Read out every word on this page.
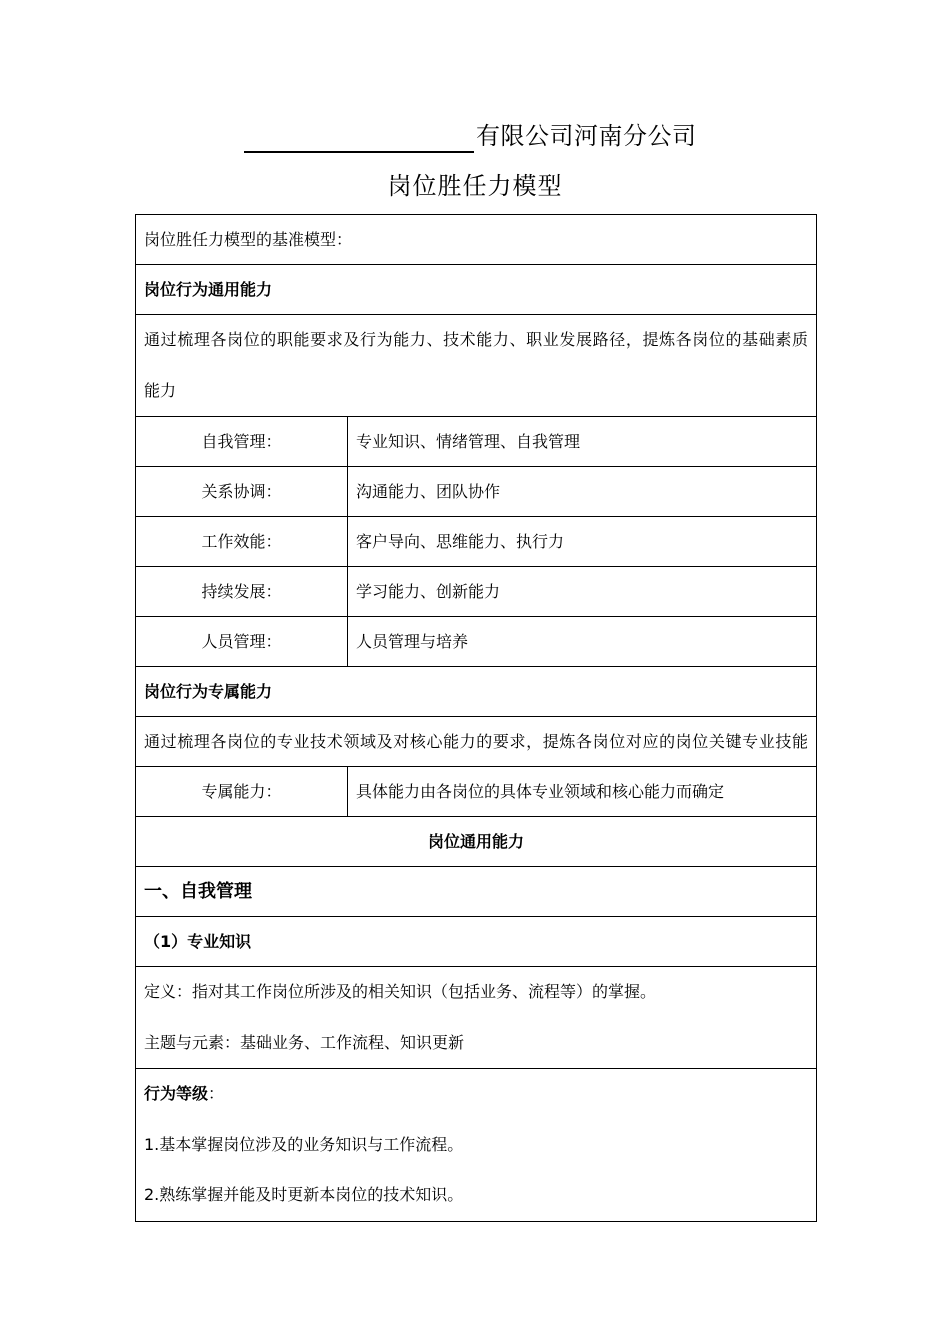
有限公司河南分公司
岗位胜任力模型
岗位胜任力模型的基准模型：	
岗位行为通用能力	

通过梳理各岗位的职能要求及行为能力、技术能力、职业发展路径，提炼各岗位的基础素质
能力	

自我管理：	专业知识、情绪管理、自我管理
关系协调：	沟通能力、团队协作
工作效能：	客户导向、思维能力、执行力
持续发展：	学习能力、创新能力
人员管理：	人员管理与培养
岗位行为专属能力	

通过梳理各岗位的专业技术领域及对核心能力的要求，提炼各岗位对应的岗位关键专业技能	

专属能力：	具体能力由各岗位的具体专业领域和核心能力而确定
岗位通用能力	
一、自我管理	
（1）专业知识	

定义：指对其工作岗位所涉及的相关知识（包括业务、流程等）的掌握。
主题与元素：基础业务、工作流程、知识更新	

行为等级：
1.基本掌握岗位涉及的业务知识与工作流程。
2.熟练掌握并能及时更新本岗位的技术知识。	
